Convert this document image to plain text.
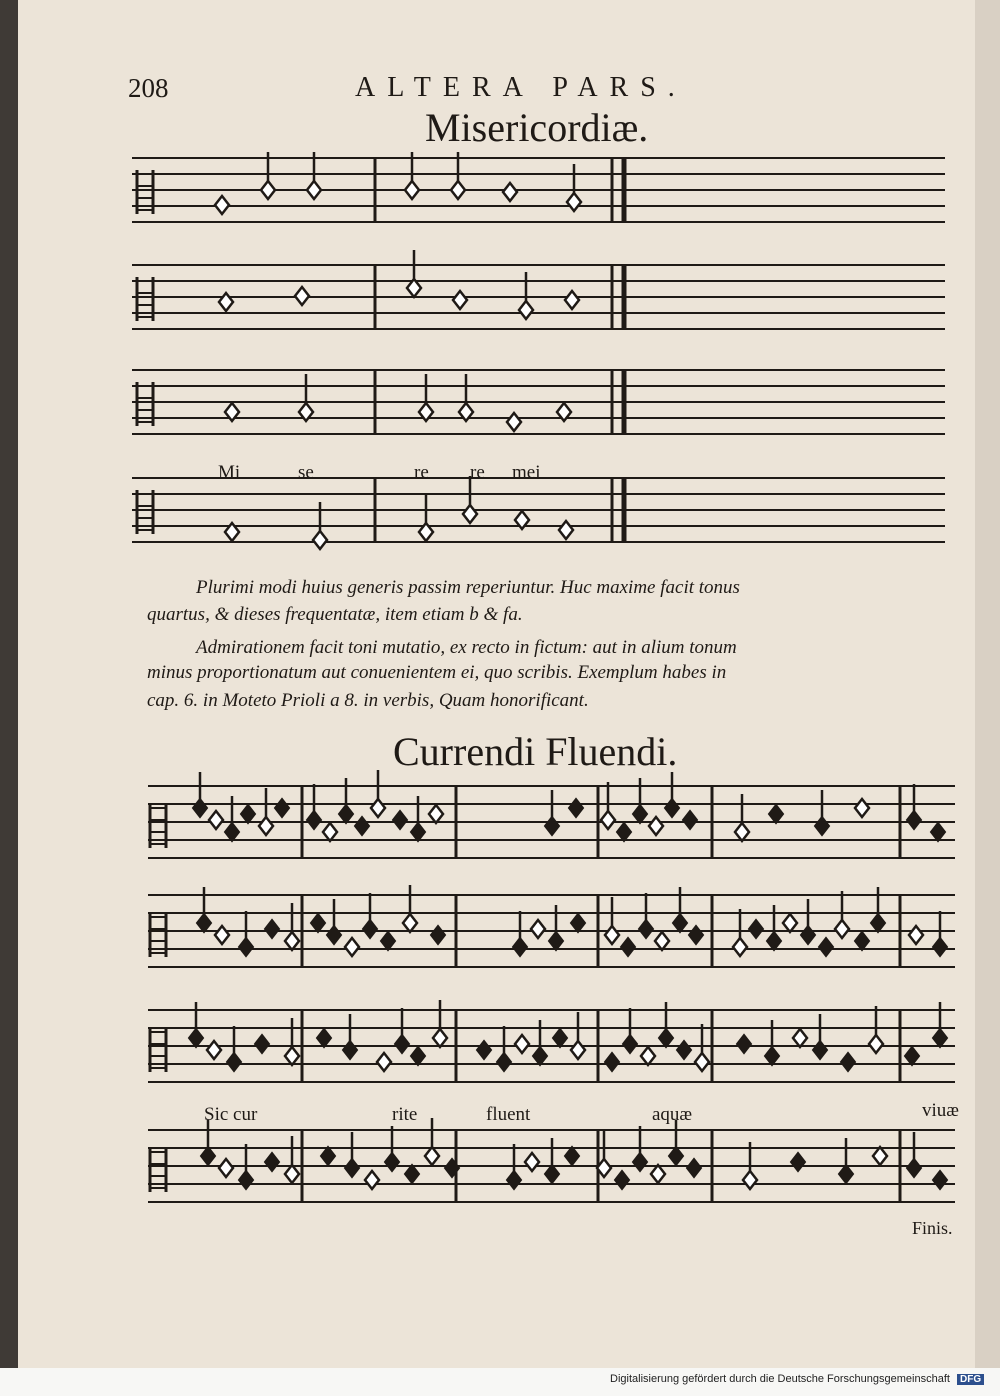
208	ALTERA PARS.
Misericordiæ.
Mi	se	re re mei
Plurimi modi huius generis passim reperiuntur. Huc maxime facit tonus
quartus, & dieses frequentatæ, item etiam b & fa.
Admirationem facit toni mutatio, ex recto in fictum: aut in alium tonum
minus proportionatum aut conuenientem ei, quo scribis. Exemplum habes in
cap. 6. in Moteto Prioli a 8. in verbis, Quam honorificant.
Currendi Fluendi.
Sic cur	rite	fluent	aquæ	viuæ
Finis.
Digitalisierung gefördert durch die Deutsche Forschungsgemeinschaft DFG
